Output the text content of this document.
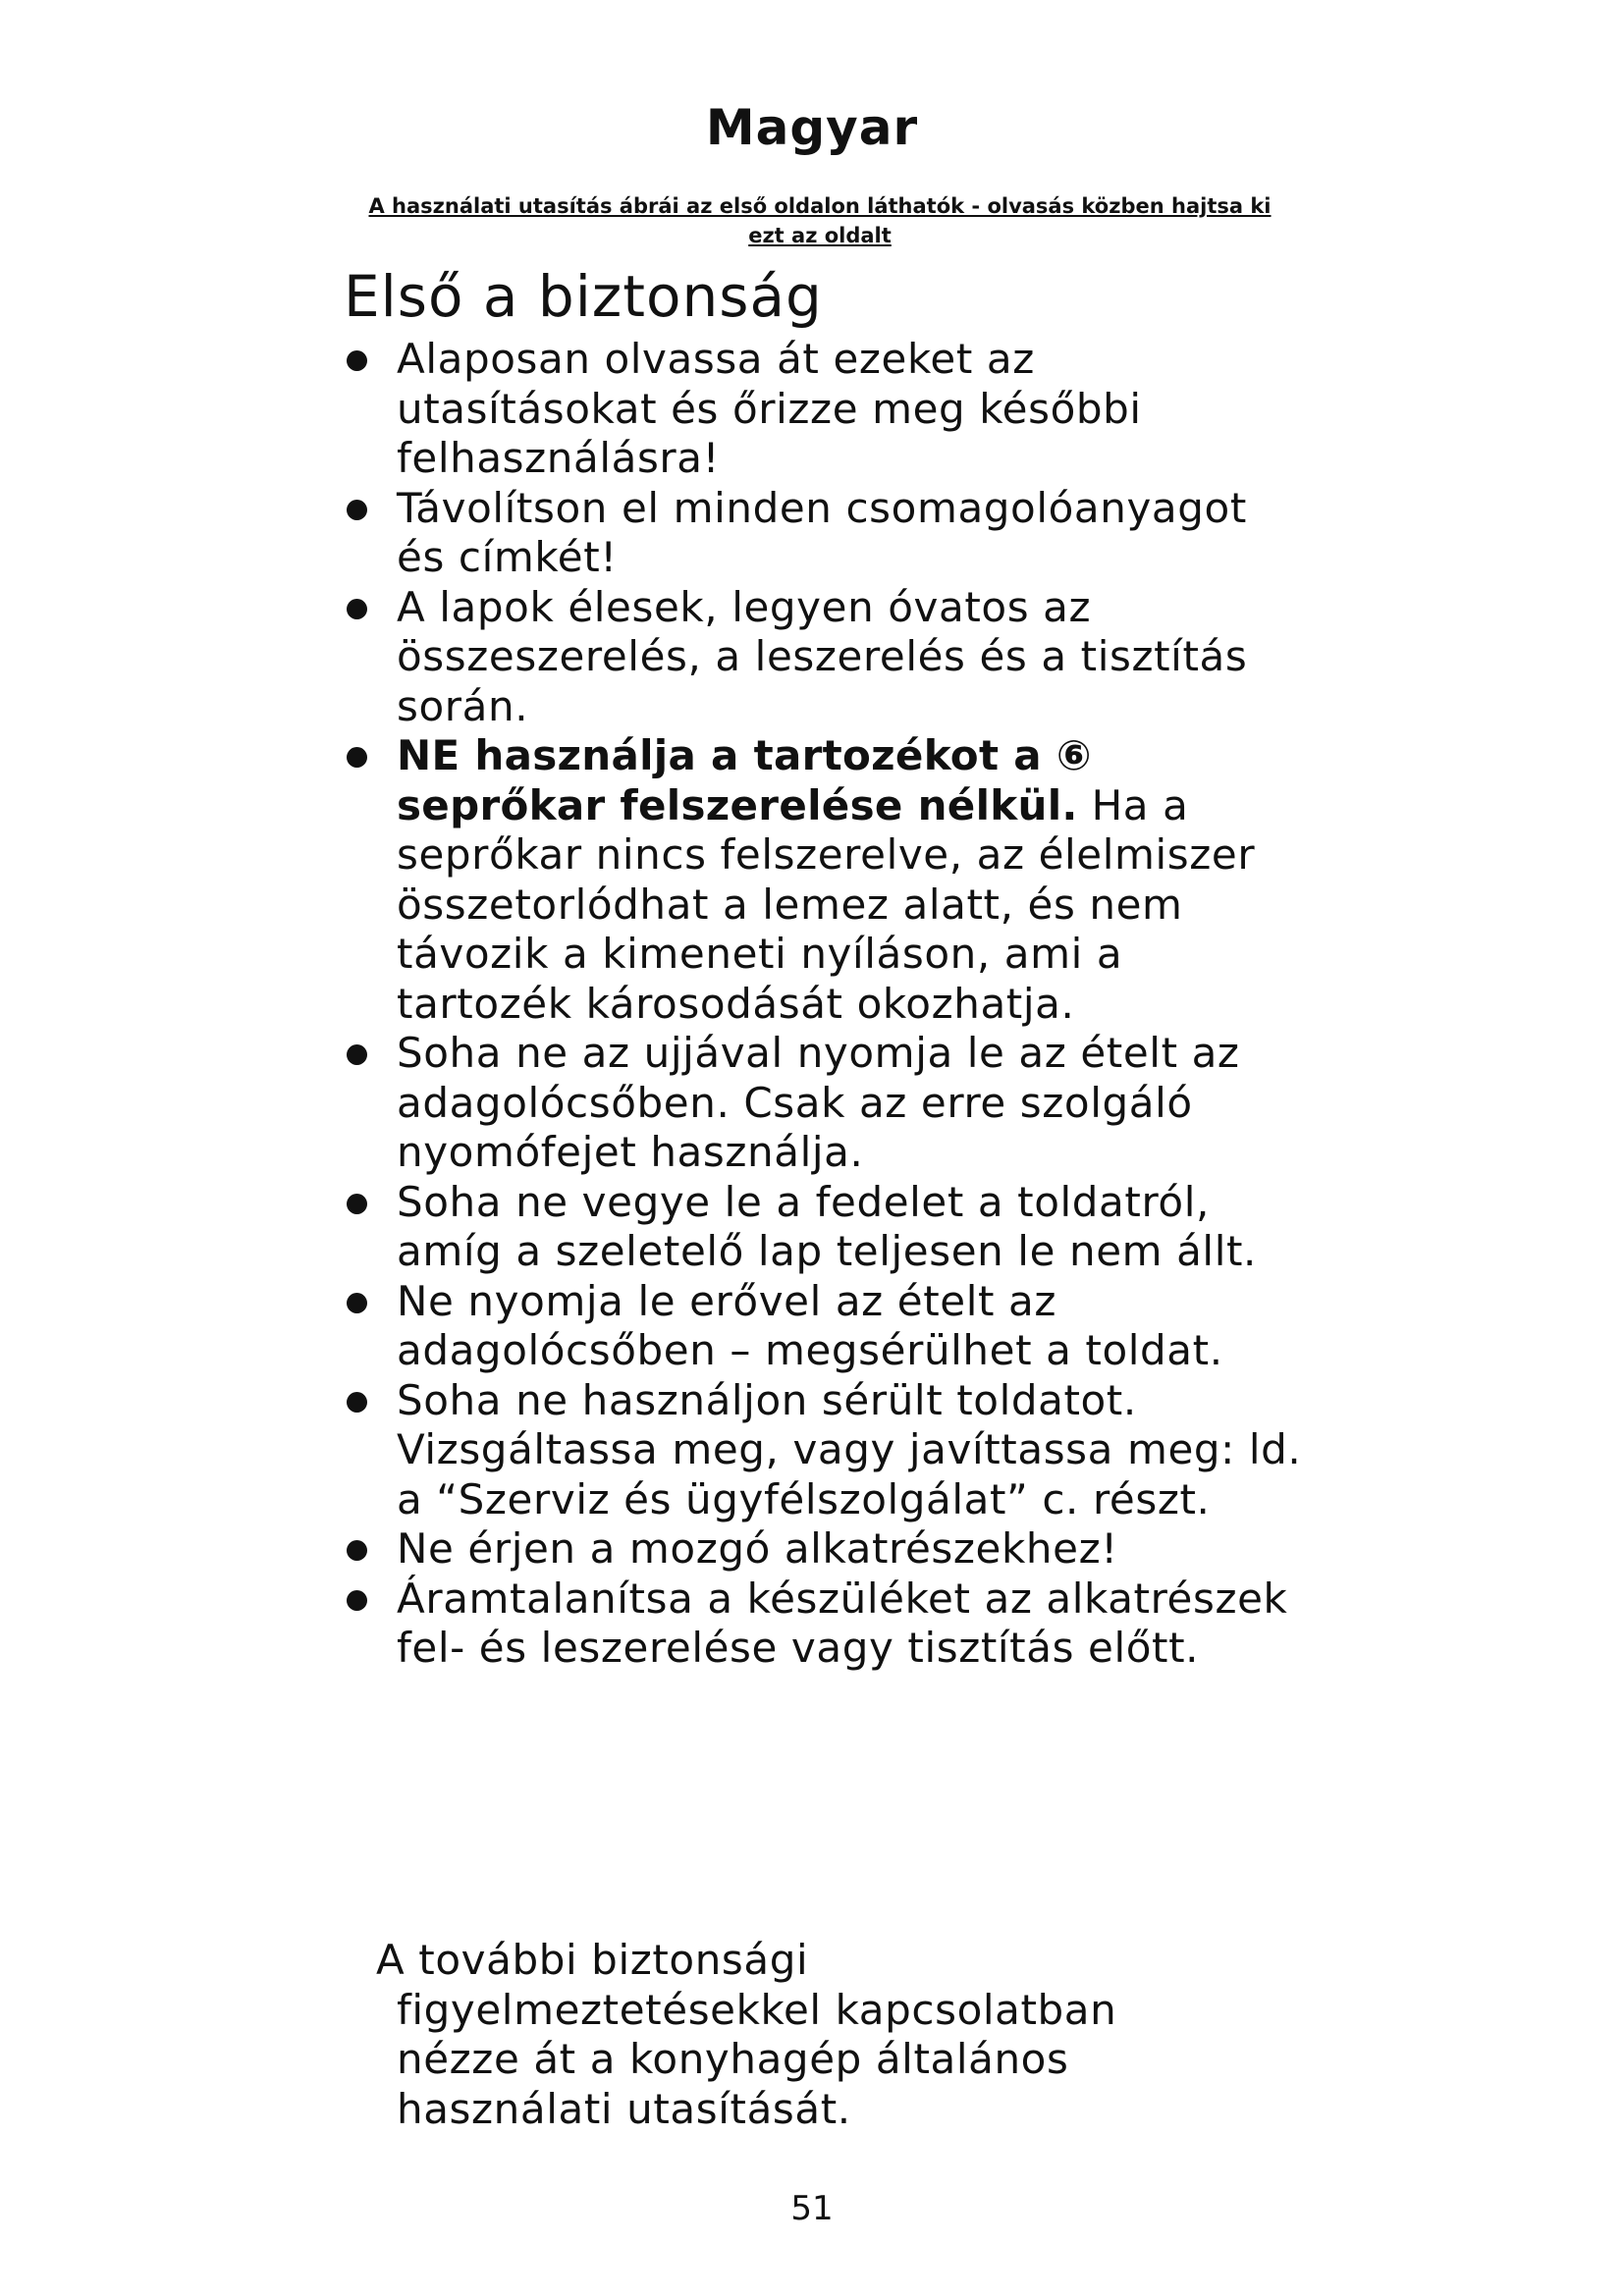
Magyar

A használati utasítás ábrái az első oldalon láthatók - olvasás közben hajtsa ki ezt az oldalt

Első a biztonság
Alaposan olvassa át ezeket az utasításokat és őrizze meg későbbi felhasználásra!
Távolítson el minden csomagolóanyagot és címkét!
A lapok élesek, legyen óvatos az összeszerelés, a leszerelés és a tisztítás során.
NE használja a tartozékot a ⑥ seprőkar felszerelése nélkül. Ha a seprőkar nincs felszerelve, az élelmiszer összetorlódhat a lemez alatt, és nem távozik a kimeneti nyíláson, ami a tartozék károsodását okozhatja.
Soha ne az ujjával nyomja le az ételt az adagolócsőben. Csak az erre szolgáló nyomófejet használja.
Soha ne vegye le a fedelet a toldatról, amíg a szeletelő lap teljesen le nem állt.
Ne nyomja le erővel az ételt az adagolócsőben – megsérülhet a toldat.
Soha ne használjon sérült toldatot. Vizsgáltassa meg, vagy javíttassa meg: ld. a “Szerviz és ügyfélszolgálat” c. részt.
Ne érjen a mozgó alkatrészekhez!
Áramtalanítsa a készüléket az alkatrészek fel- és leszerelése vagy tisztítás előtt.

A további biztonsági
figyelmeztetésekkel kapcsolatban
nézze át a konyhagép általános
használati utasítását.

51
